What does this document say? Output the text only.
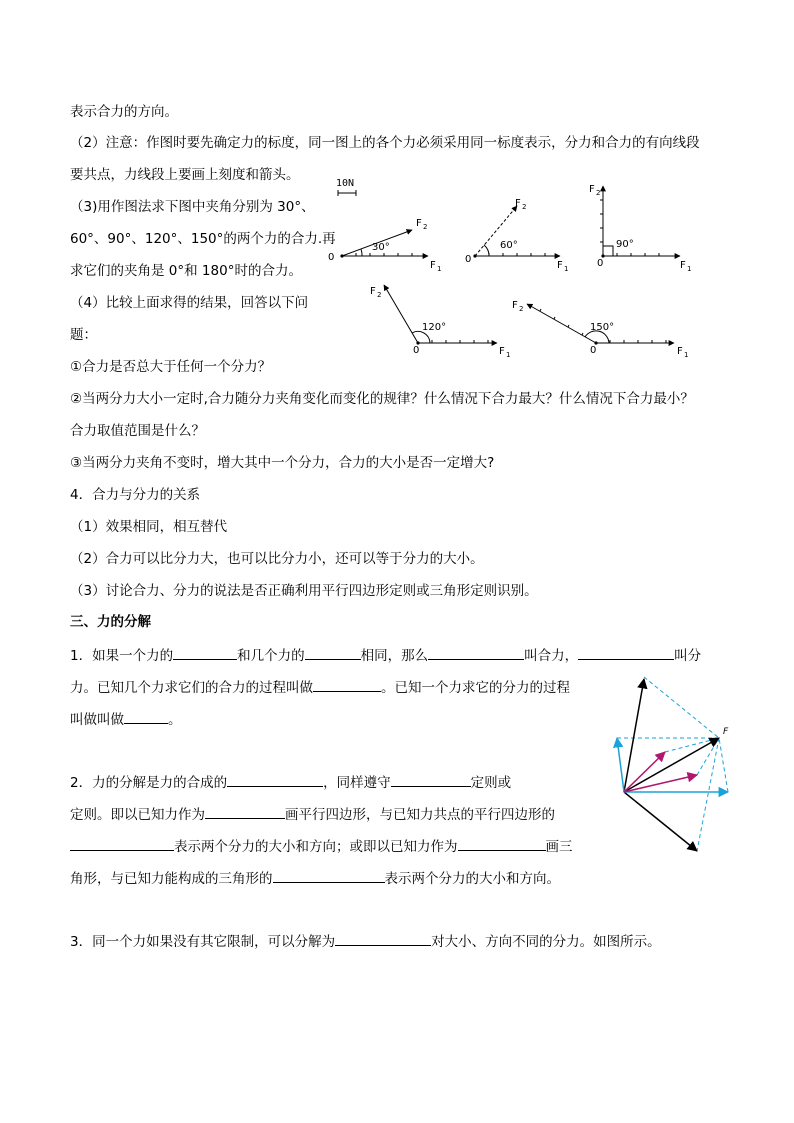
表示合力的方向。
（2）注意：作图时要先确定力的标度，同一图上的各个力必须采用同一标度表示，分力和合力的有向线段
要共点，力线段上要画上刻度和箭头。
（3)用作图法求下图中夹角分别为 30°、
60°、90°、120°、150°的两个力的合力.再
求它们的夹角是 0°和 180°时的合力。
（4）比较上面求得的结果，回答以下问
题：
①合力是否总大于任何一个分力？
②当两分力大小一定时,合力随分力夹角变化而变化的规律？什么情况下合力最大？什么情况下合力最小？
合力取值范围是什么？
③当两分力夹角不变时，增大其中一个分力，合力的大小是否一定增大?
4．合力与分力的关系
（1）效果相同，相互替代
（2）合力可以比分力大，也可以比分力小，还可以等于分力的大小。
（3）讨论合力、分力的说法是否正确利用平行四边形定则或三角形定则识别。
三、力的分解
1．如果一个力的	和几个力的	相同，那么	叫合力，	叫分
力。已知几个力求它们的合力的过程叫做	。已知一个力求它的分力的过程
叫做叫做	。
2．力的分解是力的合成的	，同样遵守	定则或
定则。即以已知力作为	画平行四边形，与已知力共点的平行四边形的
表示两个分力的大小和方向；或即以已知力作为	画三
角形，与已知力能构成的三角形的	表示两个分力的大小和方向。
3．同一个力如果没有其它限制，可以分解为	对大小、方向不同的分力。如图所示。
10N
0
30°
F 2
F 1
0
60°
F 2
F 1	0
90°
F 2
F 1
0
120°
F 2
F 1	0
150°
F 2
F 1
F
